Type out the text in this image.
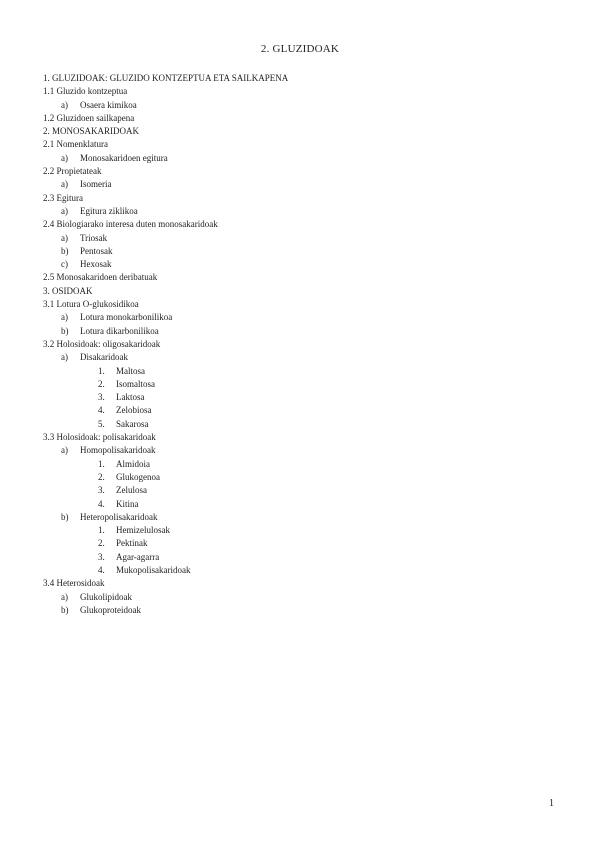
2. GLUZIDOAK
1. GLUZIDOAK: GLUZIDO KONTZEPTUA ETA SAILKAPENA
1.1 Gluzido kontzeptua
a) Osaera kimikoa
1.2 Gluzidoen sailkapena
2. MONOSAKARIDOAK
2.1 Nomenklatura
a) Monosakaridoen egitura
2.2 Propietateak
a) Isomeria
2.3 Egitura
a) Egitura ziklikoa
2.4 Biologiarako interesa duten monosakaridoak
a) Triosak
b) Pentosak
c) Hexosak
2.5 Monosakaridoen deribatuak
3. OSIDOAK
3.1 Lotura O-glukosidikoa
a) Lotura monokarbonilikoa
b) Lotura dikarbonilikoa
3.2 Holosidoak: oligosakaridoak
a) Disakaridoak
1. Maltosa
2. Isomaltosa
3. Laktosa
4. Zelobiosa
5. Sakarosa
3.3 Holosidoak: polisakaridoak
a) Homopolisakaridoak
1. Almidoia
2. Glukogenoa
3. Zelulosa
4. Kitina
b) Heteropolisakaridoak
1. Hemizelulosak
2. Pektinak
3. Agar-agarra
4. Mukopolisakaridoak
3.4 Heterosidoak
a) Glukolipidoak
b) Glukoproteidoak
1
